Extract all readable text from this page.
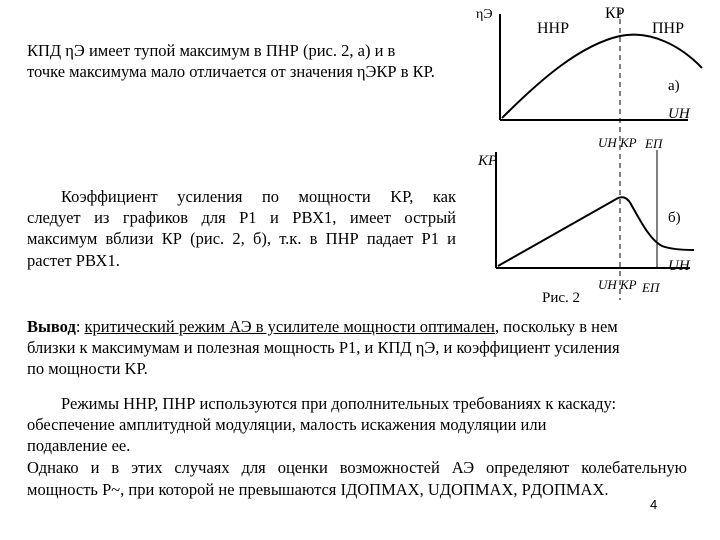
КПД ηЭ имеет тупой максимум в ПНР (рис. 2, а) и в
точке максимума мало отличается от значения ηЭКР в КР.
ηЭ
ННР
КР
ПНР
а)
UН
UН КР EП
KР
б)
UН
Рис. 2
UН КР EП
Коэффициент усиления по мощности KР, как
следует из графиков для P1 и PВХ1, имеет острый
максимум вблизи КР (рис. 2, б), т.к. в ПНР падает P1 и
растет PВХ1.
Вывод: критический режим АЭ в усилителе мощности оптимален, поскольку в нем
близки к максимумам и полезная мощность P1, и КПД ηЭ, и коэффициент усиления
по мощности KР.
Режимы ННР, ПНР используются при дополнительных требованиях к каскаду:
обеспечение амплитудной модуляции, малость искажения модуляции или
подавление ее.
Однако и в этих случаях для оценки возможностей АЭ определяют колебательную
мощность P~, при которой не превышаются IДОПМАХ, UДОПМАХ, PДОПМАХ.
4
